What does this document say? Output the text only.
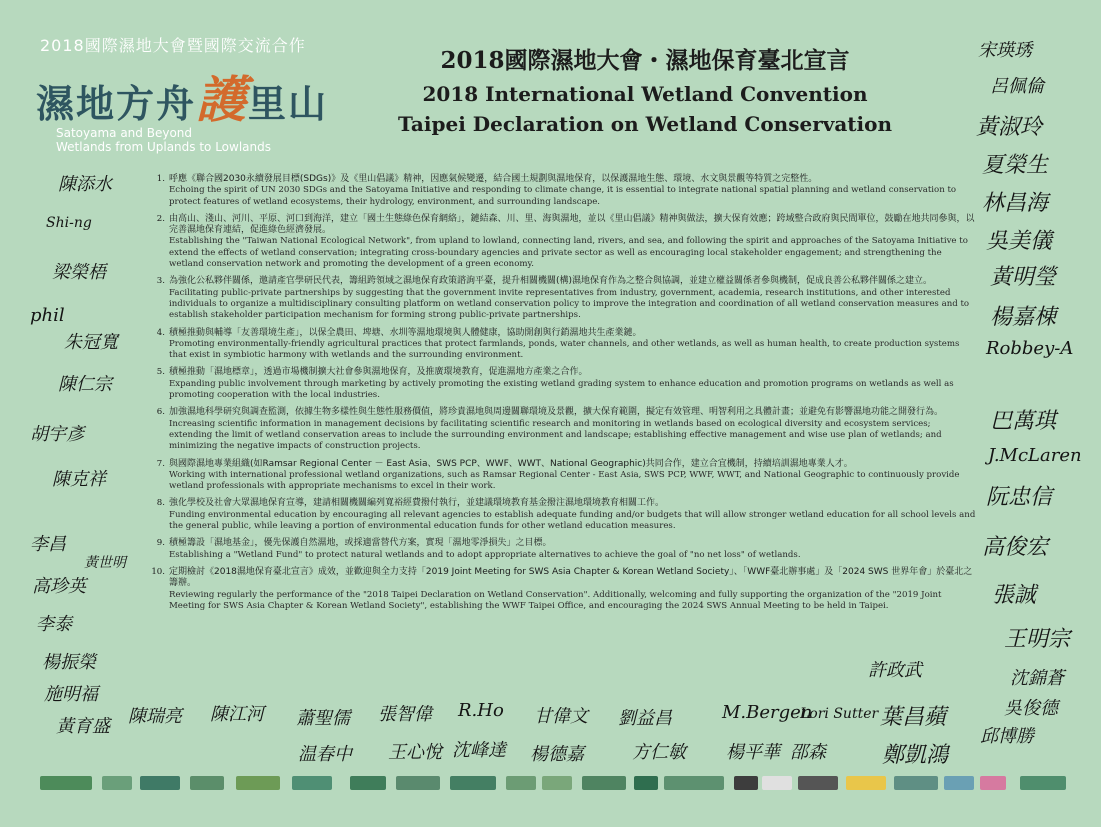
2018國際濕地大會暨國際交流合作
濕地方舟護里山
Satoyama and Beyond
Wetlands from Uplands to Lowlands
2018國際濕地大會・濕地保育臺北宣言
2018 International Wetland Convention
Taipei Declaration on Wetland Conservation
1. 呼應《聯合國2030永續發展目標(SDGs)》及《里山倡議》精神，因應氣候變遷，結合國土規劃與濕地保育，以保護濕地生態、環境、水文與景觀等特質之完整性。
Echoing the spirit of UN 2030 SDGs and the Satoyama Initiative and responding to climate change, it is essential to integrate national spatial planning and wetland conservation to protect features of wetland ecosystems, their hydrology, environment, and surrounding landscape.
2. 由高山、淺山、河川、平原、河口到海洋，建立「國土生態綠色保育網絡」，鏈結森、川、里、海與濕地，並以《里山倡議》精神與做法，擴大保育效應；跨域整合政府與民間單位，鼓勵在地共同參與，以完善濕地保育連結，促進綠色經濟發展。
Establishing the "Taiwan National Ecological Network", from upland to lowland, connecting land, rivers, and sea, and following the spirit and approaches of the Satoyama Initiative to extend the effects of wetland conservation; integrating cross-boundary agencies and private sector as well as encouraging local stakeholder engagement; and strengthening the wetland conservation network and promoting the development of a green economy.
3. 為強化公私夥伴關係，邀請產官學研民代表，籌組跨領域之濕地保育政策諮詢平臺，提升相關機關(構)濕地保育作為之整合與協調，並建立權益關係者參與機制，促成良善公私夥伴關係之建立。
Facilitating public-private partnerships by suggesting that the government invite representatives from industry, government, academia, research institutions, and other interested individuals to organize a multidisciplinary consulting platform on wetland conservation policy to improve the integration and coordination of all wetland conservation measures and to establish stakeholder participation mechanism for forming strong public-private partnerships.
4. 積極推動與輔導「友善環境生產」，以保全農田、埤塘、水圳等濕地環境與人體健康，協助開創與行銷濕地共生產業鏈。
Promoting environmentally-friendly agricultural practices that protect farmlands, ponds, water channels, and other wetlands, as well as human health, to create production systems that exist in symbiotic harmony with wetlands and the surrounding environment.
5. 積極推動「濕地標章」，透過市場機制擴大社會參與濕地保育，及推廣環境教育，促進濕地方產業之合作。
Expanding public involvement through marketing by actively promoting the existing wetland grading system to enhance education and promotion programs on wetlands as well as promoting cooperation with the local industries.
6. 加強濕地科學研究與調查監測，依據生物多樣性與生態性服務價值，將珍貴濕地與周邊關聯環境及景觀，擴大保育範圍，擬定有效管理、明智利用之具體計畫；並避免有影響濕地功能之開發行為。
Increasing scientific information in management decisions by facilitating scientific research and monitoring in wetlands based on ecological diversity and ecosystem services; extending the limit of wetland conservation areas to include the surrounding environment and landscape; establishing effective management and wise use plan of wetlands; and minimizing the negative impacts of construction projects.
7. 與國際濕地專業組織(如Ramsar Regional Center － East Asia、SWS PCP、WWF、WWT、National Geographic)共同合作，建立合宜機制，持續培訓濕地專業人才。
Working with international professional wetland organizations, such as Ramsar Regional Center - East Asia, SWS PCP, WWF, WWT, and National Geographic to continuously provide wetland professionals with appropriate mechanisms to excel in their work.
8. 強化學校及社會大眾濕地保育宣導，建請相關機關編列寬裕經費撥付執行，並建議環境教育基金撥注濕地環境教育相關工作。
Funding environmental education by encouraging all relevant agencies to establish adequate funding and/or budgets that will allow stronger wetland education for all school levels and the general public, while leaving a portion of environmental education funds for other wetland education measures.
9. 積極籌設「濕地基金」，優先保護自然濕地，或採適當替代方案，實現「濕地零淨損失」之目標。
Establishing a "Wetland Fund" to protect natural wetlands and to adopt appropriate alternatives to achieve the goal of "no net loss" of wetlands.
10. 定期檢討《2018濕地保育臺北宣言》成效，並歡迎與全力支持「2019 Joint Meeting for SWS Asia Chapter & Korean Wetland Society」、「WWF臺北辦事處」及「2024 SWS 世界年會」於臺北之籌辦。
Reviewing regularly the performance of the "2018 Taipei Declaration on Wetland Conservation". Additionally, welcoming and fully supporting the organization of the "2019 Joint Meeting for SWS Asia Chapter & Korean Wetland Society", establishing the WWF Taipei Office, and encouraging the 2024 SWS Annual Meeting to be held in Taipei.
陳添水
Shi-ng
梁榮梧
phil
朱冠寬
陳仁宗
胡宇彥
陳克祥
李昌
黃世明
高珍英
李泰
楊振榮
施明福
黃育盛 陳瑞亮 陳江河 蕭聖儒 張智偉 R.Ho 甘偉文 劉益昌	M.Bergen
Lori Sutter 葉昌蘋
鄭凱鴻
温春中 王心悅 沈峰達 楊德嘉	方仁敏 楊平華 邵森
宋瑛琇
呂佩倫
黃淑玲
夏榮生
林昌海
吳美儀
黃明瑩
楊嘉棟
Robbey-A
巴萬琪
J.McLaren
阮忠信
高俊宏
張誠
王明宗
沈錦蒼
吳俊德
邱博勝
許政武
